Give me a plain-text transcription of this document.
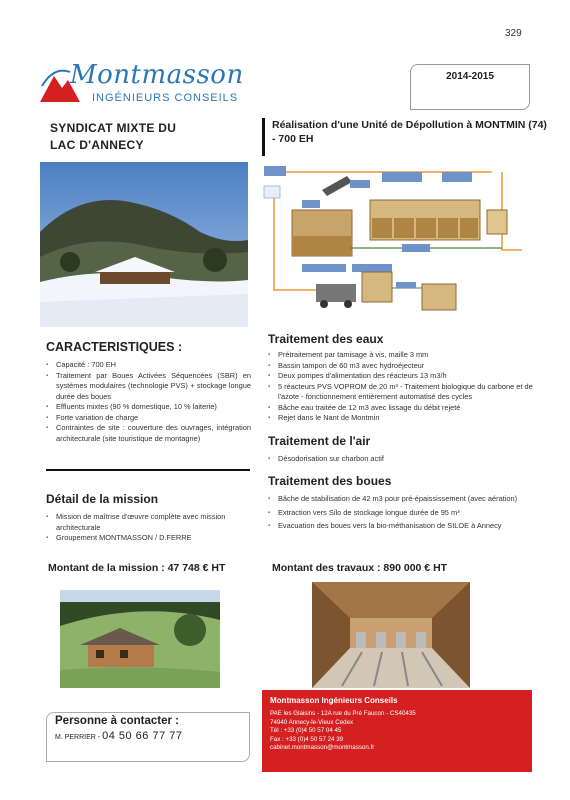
329
Montmasson
INGÉNIEURS CONSEILS
2014-2015
SYNDICAT MIXTE DU
LAC D'ANNECY
Réalisation d'une Unité de Dépollution à MONTMIN (74) - 700 EH
CARACTERISTIQUES :
▪ Capacité : 700 EH
▪ Traitement par Boues Activées Séquencées (SBR) en systèmes modulaires (technologie PVS) + stockage longue durée des boues
▪ Effluents mixtes (90 % domestique, 10 % laiterie)
▪ Forte variation de charge
▪ Contraintes de site : couverture des ouvrages, intégration architecturale (site touristique de montagne)
Détail de la mission
▪ Mission de maîtrise d'œuvre complète avec mission architecturale
▪ Groupement MONTMASSON / D.FERRE
Traitement des eaux
▪ Prétraitement par tamisage à vis, maille 3 mm
▪ Bassin tampon de 60 m3 avec hydroéjecteur
▪ Deux pompes d'alimentation des réacteurs 13 m3/h
▪ 5 réacteurs PVS VOPROM de 20 m³ - Traitement biologique du carbone et de l'azote - fonctionnement entièrement automatisé des cycles
▪ Bâche eau traitée de 12 m3 avec lissage du débit rejeté
▪ Rejet dans le Nant de Montmin
Traitement de l'air
▪ Désodorisation sur charbon actif
Traitement des boues
▪ Bâche de stabilisation de 42 m3 pour pré-épaississement (avec aération)
▪ Extraction vers Silo de stockage longue durée de 95 m³
▪ Evacuation des boues vers la bio-méthanisation de SILOE à Annecy
Montant de la mission : 47 748 € HT	Montant des travaux : 890 000 € HT
Personne à contacter :
M. PERRIER - 04 50 66 77 77
Montmasson Ingénieurs Conseils
PAE les Glaisins - 12A rue du Pré Faucon - CS40435
74940 Annecy-le-Vieux Cedex
Tél : +33 (0)4 50 57 04 45
Fax : +33 (0)4 50 57 24 39
cabinet.montmasson@montmasson.fr
